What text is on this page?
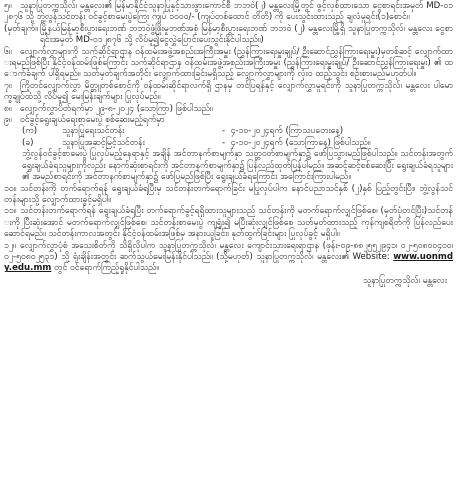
၅။ သူနာပြုတက္ကသိုလ်၊ မန္တလေး၏ မြန်မာနိုင်ငံသူနာပြုနှင့်သားဖွားကောင်စီ ဘဘ၀ဲ(၂) မန္တလေးမြို့တွင် ဖွင့်လှစ်ထားသော ငွေစာရင်းအမှတ် MD-၀၁၂၈၇၆ သို့ ဘွဲ့လွန်သင်တန်း ဝင်ခွင့်စာမေးပွဲကြေး ကျပ် ၁၀၀၀/- (ကျပ်တစ်ထောင် တိတိ) ကို ပေးသွင်းထားသည့် ချလံမူရင်း(၁)စောင်။

(မှတ်ချက်။ မြို့နယ်မြန်မာ့စီးပွားရေးဘဏ် ဘဘ၀ဲဖွံ့ဖြိုးမှုဘဏ်အစုံ မြန်မာ့စီးပွားရေးဘဏ် ဘဘ၀ဲ (၂) မန္တလေးမြို့ရှိ သူနာပြုတက္ကသိုလ်၊ မန္တလေး ငွေစာရင်းအမှတ် MD-၀၁၂၈၇၆ သို့ လိပ်မူ၍ငွေလွှဲပြောင်းပေးသွင်းနိုင်ပါသည်။)

၆။ လျှောက်လွှာများကို သက်ဆိုင်ရာဌာန ဝန်ထမ်းအဖွဲ့အစည်းအကြီးအမှူး (ညွှန်ကြားရေးမှူးချုပ်/ ဦးဆောင်ညွှန်ကြားရေးမှူး)မှတစ်ဆင့် လျှောက်ထားရမည်ဖြစ်ပြီး နိုင်ငံ့ဝန်ထမ်းဖြစ်ကြောင်း သက်ဆိုင်ရာဌာန ဝန်ထမ်းအဖွဲ့အစည်းအကြီးအမှူး (ညွှန်ကြားရေးမှူးချုပ်/ ဦးဆောင်ညွှန်ကြားရေးမှူး) ၏ ထောက်ခံချက် ပါရှိရမည်။ သတ်မှတ်ချက်အတိုင်း လျှောက်ထားခြင်းမရှိသည့် လျှောက်လွှာများကို လုံးဝ ထည့်သွင်း စဉ်းစားမည်မဟုတ်ပါ။

၇။ ကြိုတင်လျှောက်လွှာ မိတ္တူတစ်စောင်ကို ဝန်ထမ်းဆိုင်ရာလက်ရှိ ဌာနမှ တင်ပြရန်နှင့် လျှောက်လွှာမူရင်းကို သူနာပြုတက္ကသိုလ်၊ မန္တလေး ပါမောက္ခချုပ်ထံသို့ လိပ်မူ၍ မေးမြန်းချက်များ ပြုလုပ်မည်။

၈။ လျှောက်လွှာပိတ်ရက်မှာ ၂၉-၈-၂၀၂၄ (သောကြာ) ဖြစ်ပါသည်။

၉။ ဝင်ခွင့်ရွေးချယ်ရေးစာမေးပွဲ စစ်ဆေးမည့်ရက်မှာ

(က)	သူနာပြုရေးသင်တန်း	- ၄-၁၀-၂၀၂၄ရက် (ကြာသပတေးနေ့)
(ခ)	သူနာပြုအဆင့်မြင့်သင်တန်း	- ၄-၁၀-၂၀၂၄ရက် (သောကြာနေ့) ဖြစ်ပါသည်။

ဘွဲ့လွန်ဝင်ခွင့်စာမေးပွဲ ပြုလုပ်မည့်နေရာနှင့် အချိန် အင်တာနက်စာမျက်နှာ သတ္တဝတ်စာမျက်နှာ၌ ဖော်ပြသွားမည်ဖြစ်ပါသည်။ သင်တန်းအတွက် ရွေးချယ်ခံရသူများကိုလည်း နောက်ဆုံးစာရင်းကို အင်တာနက်စာမျက်နှာ၌ ပြန်လည်ထုတ်ပြန်ပါမည်။ အဆင့်ဆင့်စစ်ဆေးပြီး ရွေးချယ်ခံရသူများ၏ အမည်စာရင်းကို အင်တာနက်စာမျက်နှာ၌ ဖော်ပြမည်ဖြစ်ပြီး ရွေးချယ်ခံရကြောင်း အကြောင်းကြားပါမည်။

၁၀။ သင်တန်းကို တက်ရောက်ရန် ရွေးချယ်ခံရပြီးမှ သင်တန်းတက်ရောက်ခြင်း မပြုလုပ်ပါက နောင်ပညာသင်နှစ် (၂)နှစ် ပြည့်တွင်းပြီး၊ ဘွဲ့လွန်သင်တန်းများသို့ လျှောက်ထားခွင့်မရှိပါ။

၁၁။ သင်တန်းတက်ရောက်ရန် ရွေးချယ်ခံရပြီး တက်ရောက်ခွင့်ရရှိထားသူများသည် သင်တန်းကို မတက်ရောက်လျှင်ဖြစ်စေ၊ (မှတ်ပုံတင်ပြီး)သင်တန်းကို ပြီးဆုံးအောင် မတက်ရောက်လျှင်ဖြစ်စေ၊ သင်တန်းစာမေးပွဲ ကျရှုံး၍ မပြီးဆုံးလျှင်ဖြစ်စေ သတ်မှတ်ထားသည့် ကုန်ကျစရိတ်ကို ပြန်လည်ပေးဆောင်ရမည်။ သင်တန်းကာလအတွင်း နိုင်ငံ့ဝန်ထမ်းအဖြစ်မှ အနားယူခြင်း၊ နုတ်ထွက်ခြင်းများ ပြုလုပ်ခွင့် မရှိပါ။

၁၂။ လျှောက်လွှာပုံစံ အသေးစိတ်ကို သိရှိလိုပါက သူနာပြုတက္ကသိုလ်၊ မန္တလေး ကျောင်းသားရေးရာဌာန (ဖုန်း-၀၉-၈၈၂၅၅၂၉၄၁၊ ၀၂-၅၀၈၀၀၄၀၀၊ ၀၂-၅၀၈၀၂၅၃၁) သို့ ရုံးချိန်းအတွင်း ဆက်သွယ်မေးမြန်းနိုင်ပါသည်။ (သို့မဟုတ်) သူနာပြုတက္ကသိုလ်၊ မန္တလေး၏ Website: www.uonmdy.edu.mm တွင် ဝင်ရောက်ကြည့်ရှုနိုင်ပါသည်။

သူနာပြုတက္ကသိုလ်၊ မန္တလေး
